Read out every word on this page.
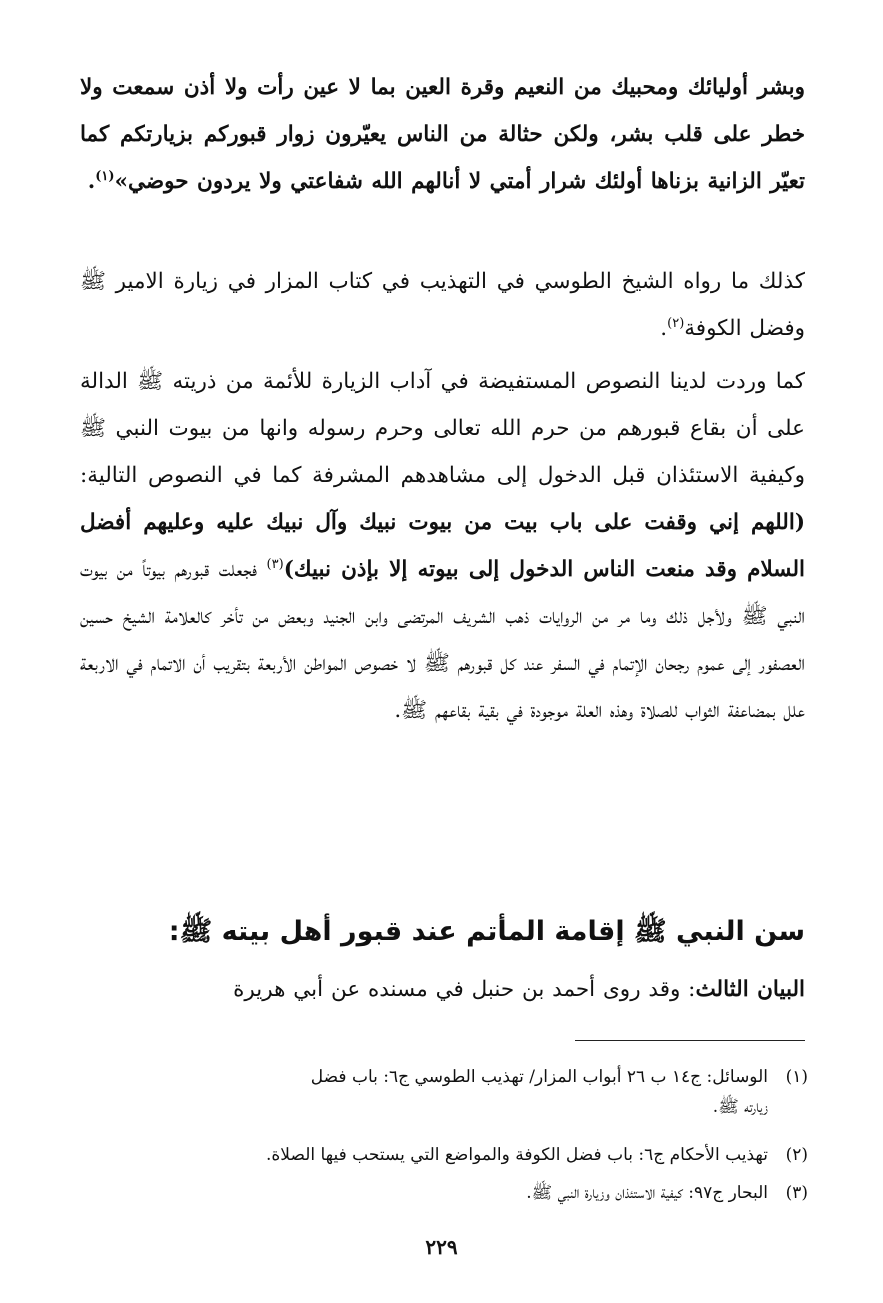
وبشر أوليائك ومحبيك من النعيم وقرة العين بما لا عين رأت ولا أذن سمعت ولا خطر على قلب بشر، ولكن حثالة من الناس يعيّرون زوار قبوركم بزيارتكم كما تعيّر الزانية بزناها أولئك شرار أمتي لا أنالهم الله شفاعتي ولا يردون حوضي»$^{(١)}$.

كذلك ما رواه الشيخ الطوسي في التهذيب في كتاب المزار في زيارة الامير ﷺ وفضل الكوفة$^{(٢)}$.

كما وردت لدينا النصوص المستفيضة في آداب الزيارة للأئمة من ذريته ﷺ الدالة على أن بقاع قبورهم من حرم الله تعالى وحرم رسوله وانها من بيوت النبي ﷺ وكيفية الاستئذان قبل الدخول إلى مشاهدهم المشرفة كما في النصوص التالية: (اللهم إني وقفت على باب بيت من بيوت نبيك وآل نبيك عليه وعليهم أفضل السلام وقد منعت الناس الدخول إلى بيوته إلا بإذن نبيك)$^{(٣)}$ فجعلت قبورهم بيوتاً من بيوت النبي ﷺ ولأجل ذلك وما مر من الروايات ذهب الشريف المرتضى وابن الجنيد وبعض من تأخر كالعلامة الشيخ حسين العصفور إلى عموم رجحان الإتمام في السفر عند كل قبورهم ﷺ لا خصوص المواطن الأربعة بتقريب أن الاتمام في الاربعة علل بمضاعفة الثواب للصلاة وهذه العلة موجودة في بقية بقاعهم ﷺ.

سن النبي ﷺ إقامة المأتم عند قبور أهل بيته ﷺ:

البيان الثالث: وقد روى أحمد بن حنبل في مسنده عن أبي هريرة

(١)الوسائل: ج١٤ ب ٢٦ أبواب المزار/ تهذيب الطوسي ج٦: باب فضل
زيارته ﷺ.

(٢)تهذيب الأحكام ج٦: باب فضل الكوفة والمواضع التي يستحب فيها الصلاة.

(٣)البحار ج٩٧: كيفية الاستئذان وزيارة النبي ﷺ.

٢٢٩
